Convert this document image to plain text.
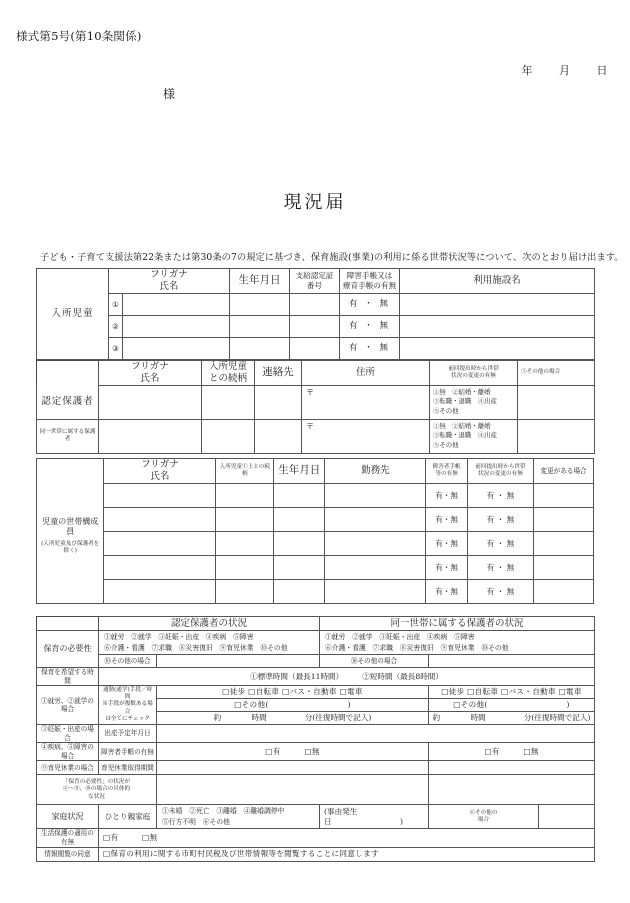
様式第5号(第10条関係)
年 月 日
様
現況届
子ども・子育て支援法第22条または第30条の7の規定に基づき、保育施設(事業)の利用に係る世帯状況等について、次のとおり届け出ます。
入所児童	
フリガナ
氏名
	生年月日	支給認定証
番号

障害手帳又は
療育手帳の有無	利用施設名
	①				有 ・ 無	
	②				有 ・ 無	
	③				有 ・ 無	

フリガナ
氏名

入所児童
との続柄
	連絡先	住所	前回提出時から世帯
状況の変更の有無
	⑤その他の場合
認定保護者				〒	①無　②結婚・離婚
③転職・退職　④出産
⑤その他	

同一世帯に属する保護者				〒	①無　②結婚・離婚
③転職・退職　④出産
⑤その他	

児童の世帯構成員
(入所児童及び保護者を除く)

フリガナ
氏名
	入所児童①上との続柄	生年月日	勤務先	障害者手帳
等の有無

前回提出時から世帯
状況の変更の有無	変更がある場合
					有・無	有 ・ 無	
					有・無	有 ・ 無	
					有・無	有 ・ 無	
					有・無	有 ・ 無	
					有・無	有 ・ 無	
	認定保護者の状況		同一世帯に属する保護者の状況		
保育の必要性	
①就労　②就学　③妊娠・出産　④疾病　⑤障害
⑥介護・看護　⑦求職　⑧災害復旧　⑨育児休業　⑩その他

①就労　②就学　③妊娠・出産　④疾病　⑤障害
⑥介護・看護　⑦求職　⑧災害復旧　⑨育児休業　⑩その他

	⑩その他の場合		⑩その他の場合		
保育を希望する時間	①標準時間（最長11時間）　　　②短時間（最長8時間）				
①就労、②就学の場合	通勤(通学)手段／時間
※手段が複数ある場合
は全てにチェック	□徒歩 □自転車 □バス・自動車 □電車		□徒歩 □自転車 □バス・自動車 □電車	
		□その他(　　　　　　　　　　)		□その他(　　　　　　　　　　)	
		約　　　　時間　　　　　分(往復時間で記入)		約　　　　時間　　　　　分(往復時間で記入)	
③妊娠・出産の場合	出産予定年月日				
④疾病、⑤障害の場合	障害者手帳の有無	□有　　　□無		□有　　　□無	
⑨育児休業の場合	育児休業取得期間				

「保育の必要性」の状況が
④〜⑧、⑩の場合の具体的
な状況					

家庭状況	ひとり親家庭	
①未婚　②死亡　③離婚　④離婚調停中
⑤行方不明　⑥その他
	(事由発生日　　　　　　　　　)	
⑥その他の
場合

生活保護の適用の有無	□有　　　□無				
情報閲覧の同意	□保育の利用に関する市町村民税及び世帯情報等を閲覧することに同意します				
